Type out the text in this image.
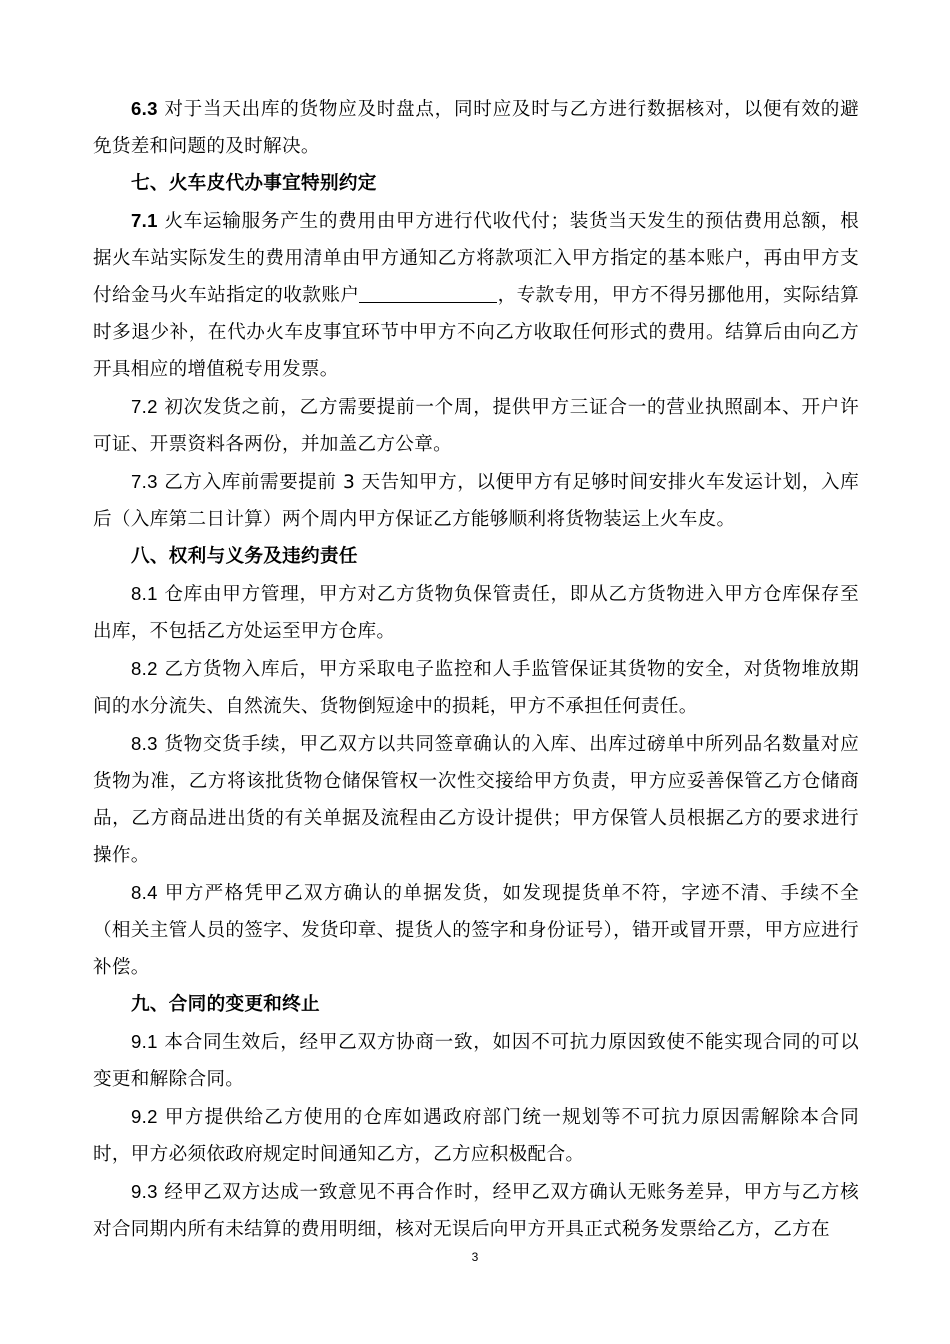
6.3 对于当天出库的货物应及时盘点，同时应及时与乙方进行数据核对，以便有效的避免货差和问题的及时解决。

七、火车皮代办事宜特别约定

7.1 火车运输服务产生的费用由甲方进行代收代付；装货当天发生的预估费用总额，根据火车站实际发生的费用清单由甲方通知乙方将款项汇入甲方指定的基本账户，再由甲方支付给金马火车站指定的收款账户	，专款专用，甲方不得另挪他用，实际结算时多退少补，在代办火车皮事宜环节中甲方不向乙方收取任何形式的费用。结算后由向乙方开具相应的增值税专用发票。

7.2 初次发货之前，乙方需要提前一个周，提供甲方三证合一的营业执照副本、开户许可证、开票资料各两份，并加盖乙方公章。

7.3 乙方入库前需要提前 3 天告知甲方，以便甲方有足够时间安排火车发运计划，入库后（入库第二日计算）两个周内甲方保证乙方能够顺利将货物装运上火车皮。

八、权利与义务及违约责任

8.1 仓库由甲方管理，甲方对乙方货物负保管责任，即从乙方货物进入甲方仓库保存至出库，不包括乙方处运至甲方仓库。

8.2 乙方货物入库后，甲方采取电子监控和人手监管保证其货物的安全，对货物堆放期间的水分流失、自然流失、货物倒短途中的损耗，甲方不承担任何责任。

8.3 货物交货手续，甲乙双方以共同签章确认的入库、出库过磅单中所列品名数量对应货物为准，乙方将该批货物仓储保管权一次性交接给甲方负责，甲方应妥善保管乙方仓储商品，乙方商品进出货的有关单据及流程由乙方设计提供；甲方保管人员根据乙方的要求进行操作。

8.4 甲方严格凭甲乙双方确认的单据发货，如发现提货单不符，字迹不清、手续不全（相关主管人员的签字、发货印章、提货人的签字和身份证号），错开或冒开票，甲方应进行补偿。

九、合同的变更和终止

9.1 本合同生效后，经甲乙双方协商一致，如因不可抗力原因致使不能实现合同的可以变更和解除合同。

9.2 甲方提供给乙方使用的仓库如遇政府部门统一规划等不可抗力原因需解除本合同时，甲方必须依政府规定时间通知乙方，乙方应积极配合。

9.3 经甲乙双方达成一致意见不再合作时，经甲乙双方确认无账务差异，甲方与乙方核对合同期内所有未结算的费用明细，核对无误后向甲方开具正式税务发票给乙方，乙方在

3
